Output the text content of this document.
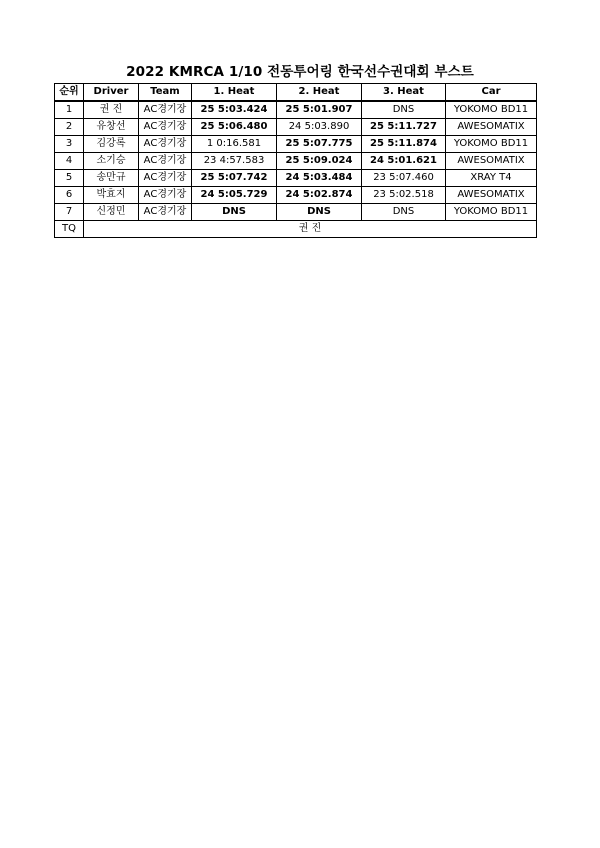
2022 KMRCA 1/10 전동투어링 한국선수권대회 부스트
순위	Driver	Team	1. Heat	2. Heat	3. Heat	Car
1	권 진	AC경기장	25 5:03.424	25 5:01.907	DNS	YOKOMO BD11
2	유창선	AC경기장	25 5:06.480	24 5:03.890	25 5:11.727	AWESOMATIX
3	김강록	AC경기장	1 0:16.581	25 5:07.775	25 5:11.874	YOKOMO BD11
4	소기승	AC경기장	23 4:57.583	25 5:09.024	24 5:01.621	AWESOMATIX
5	송만규	AC경기장	25 5:07.742	24 5:03.484	23 5:07.460	XRAY T4
6	박효지	AC경기장	24 5:05.729	24 5:02.874	23 5:02.518	AWESOMATIX
7	신정민	AC경기장	DNS	DNS	DNS	YOKOMO BD11
TQ	권 진					
